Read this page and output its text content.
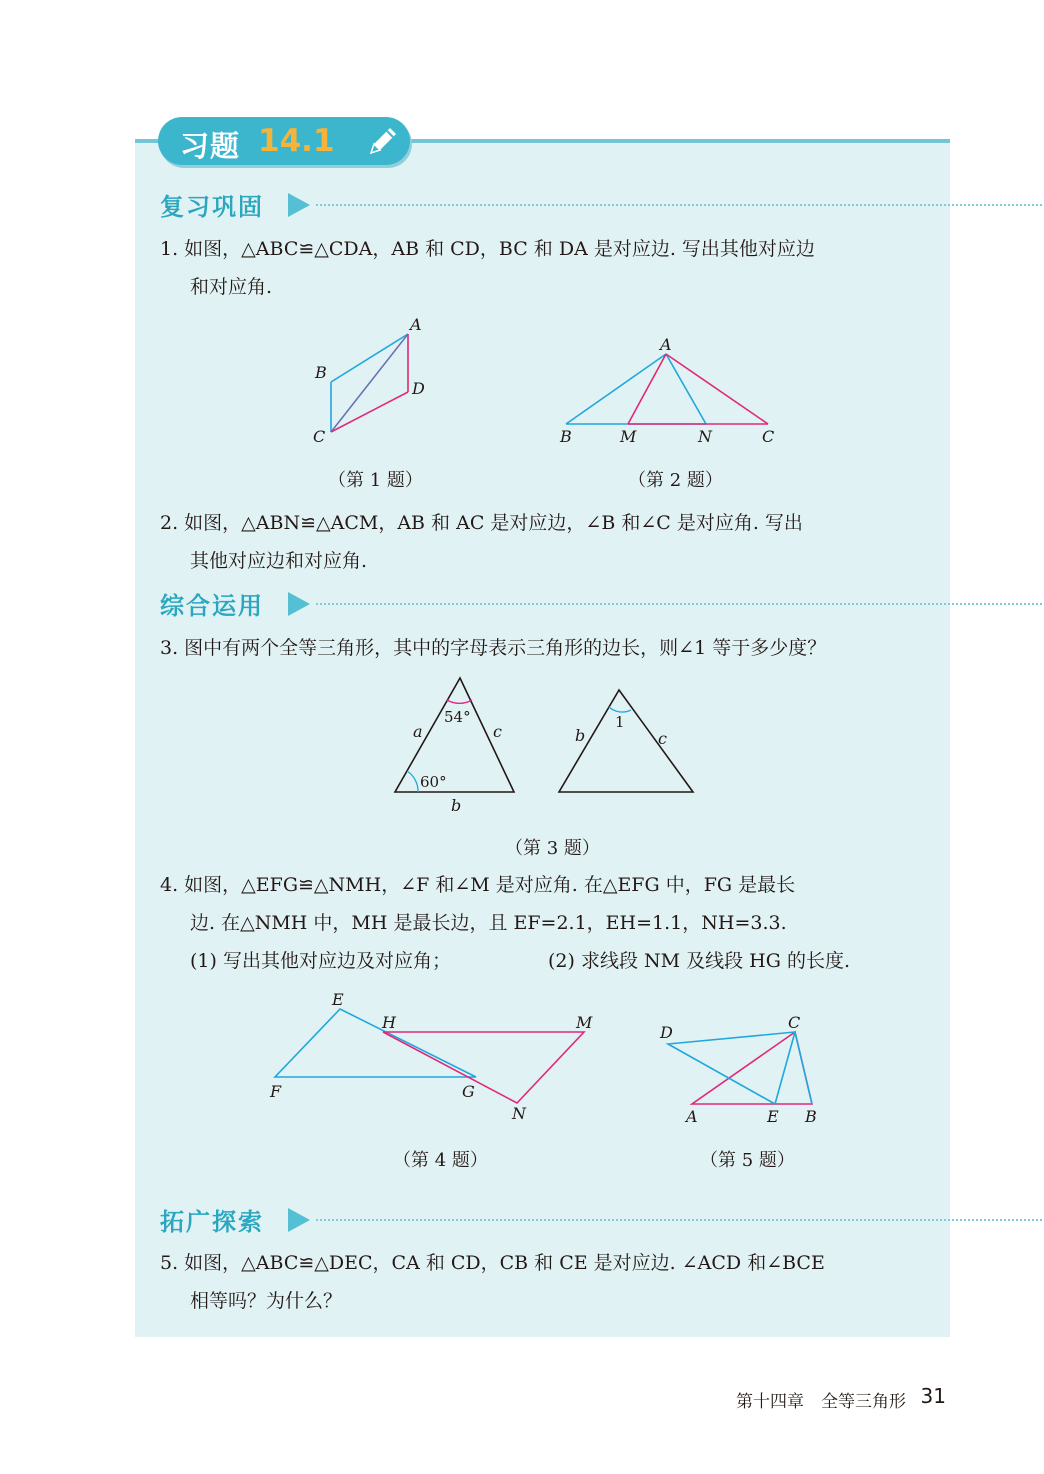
习题 14.1
复习巩固

1. 如图，△ABC≌△CDA，AB 和 CD，BC 和 DA 是对应边. 写出其他对应边

和对应角.

A
B
C
D
（第 1 题）
A
B	M	N	C
（第 2 题）

2. 如图，△ABN≌△ACM，AB 和 AC 是对应边，∠B 和∠C 是对应角. 写出

其他对应边和对应角.

综合运用

3. 图中有两个全等三角形，其中的字母表示三角形的边长，则∠1 等于多少度？

54°
60°
a
b
c	1
b	c
（第 3 题）

4. 如图，△EFG≌△NMH，∠F 和∠M 是对应角. 在△EFG 中，FG 是最长

边. 在△NMH 中，MH 是最长边，且 EF=2.1，EH=1.1，NH=3.3.

(1) 写出其他对应边及对应角；	(2) 求线段 NM 及线段 HG 的长度.

E
H	M
F	G
N
（第 4 题）
D
C
A	E B
（第 5 题）
拓广探索

5. 如图，△ABC≌△DEC，CA 和 CD，CB 和 CE 是对应边. ∠ACD 和∠BCE

相等吗？为什么？

第十四章　全等三角形 31
